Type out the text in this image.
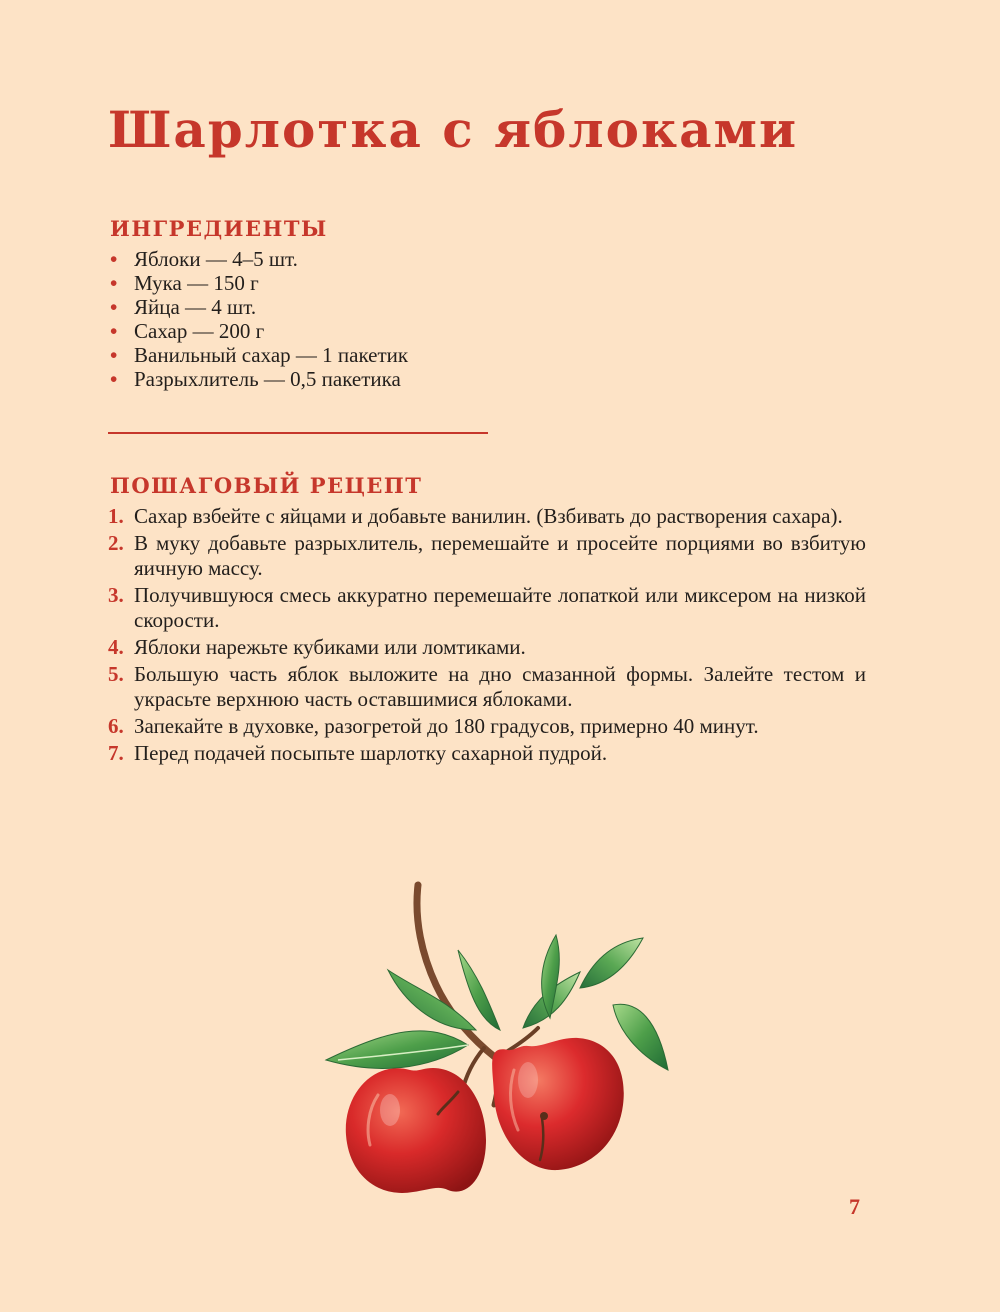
Шарлотка с яблоками
ИНГРЕДИЕНТЫ
• Яблоки — 4–5 шт.
• Мука — 150 г
• Яйца — 4 шт.
• Сахар — 200 г
• Ванильный сахар — 1 пакетик
• Разрыхлитель — 0,5 пакетика
ПОШАГОВЫЙ РЕЦЕПТ
1. Сахар взбейте с яйцами и добавьте ванилин. (Взбивать до растворения сахара).
2. В муку добавьте разрыхлитель, перемешайте и просейте порциями во взбитую яичную массу.
3. Получившуюся смесь аккуратно перемешайте лопаткой или миксером на низкой скорости.
4. Яблоки нарежьте кубиками или ломтиками.
5. Большую часть яблок выложите на дно смазанной формы. Залейте тестом и украсьте верхнюю часть оставшимися яблоками.
6. Запекайте в духовке, разогретой до 180 градусов, примерно 40 минут.
7. Перед подачей посыпьте шарлотку сахарной пудрой.
7
